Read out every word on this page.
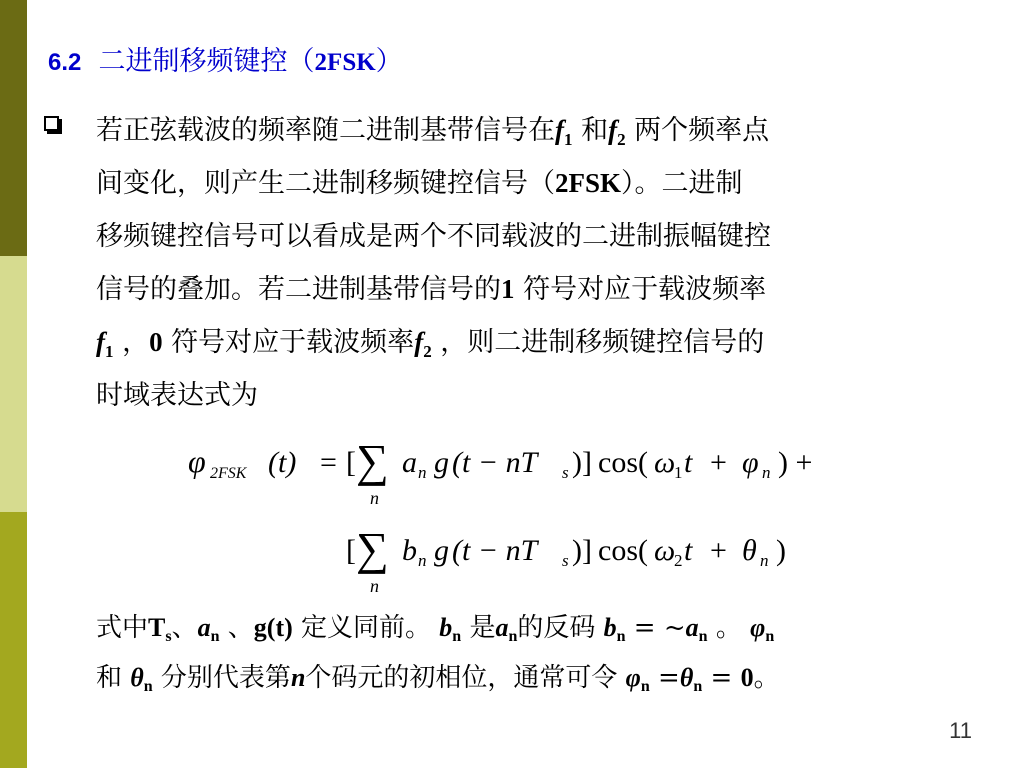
6.2 二进制移频键控（2FSK）
若正弦载波的频率随二进制基带信号在$f_1$ 和$f_2$ 两个频率点
间变化，则产生二进制移频键控信号（2FSK）。二进制
移频键控信号可以看成是两个不同载波的二进制振幅键控
信号的叠加。若二进制基带信号的1 符号对应于载波频率
$f_1$ ，0 符号对应于载波频率$f_2$ ，则二进制移频键控信号的
时域表达式为
φ 2FSK (t) = [ ∑
n
a n g (t − nT s )] cos( ω
1 t + φ n ) +
[ ∑
n
b n g (t − nT s )] cos( ω
2 t + θ n )
式中$T_s$、$a_n$ 、g(t) 定义同前。 $b_n$ 是$a_n$的反码 $b_n$ = $\sim a_n$ 。 $\varphi_n$
和 $\theta_n$ 分别代表第n个码元的初相位，通常可令 $\varphi_n =\theta_n = 0$。
11
